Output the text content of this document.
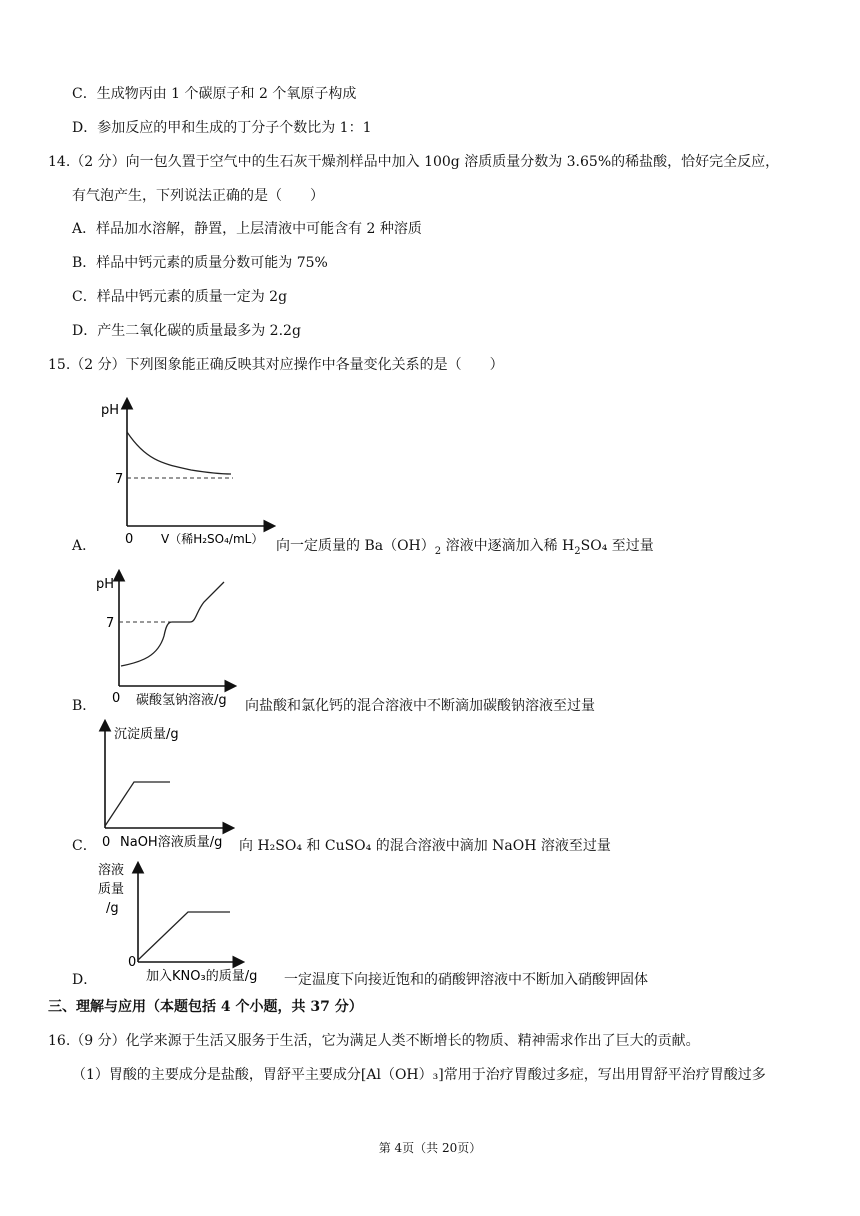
C．生成物丙由 1 个碳原子和 2 个氧原子构成
D．参加反应的甲和生成的丁分子个数比为 1：1
14.（2 分）向一包久置于空气中的生石灰干燥剂样品中加入 100g 溶质质量分数为 3.65%的稀盐酸，恰好完全反应，
有气泡产生，下列说法正确的是（　　）
A．样品加水溶解，静置，上层清液中可能含有 2 种溶质
B．样品中钙元素的质量分数可能为 75%
C．样品中钙元素的质量一定为 2g
D．产生二氧化碳的质量最多为 2.2g
15.（2 分）下列图象能正确反映其对应操作中各量变化关系的是（　　）
A．
pH
7
0 V（稀H₂SO₄/mL） 向一定质量的 $Ba(OH)_2$ 溶液中逐滴加入稀 $H_2SO_4$ 至过量
B．
pH
7
0 碳酸氢钠溶液/g 向盐酸和氯化钙的混合溶液中不断滴加碳酸钠溶液至过量
C．
沉淀质量/g
0 NaOH溶液质量/g 向 H₂SO₄ 和 CuSO₄ 的混合溶液中滴加 NaOH 溶液至过量
D．
溶液
质量
/g
0
加入KNO₃的质量/g 一定温度下向接近饱和的硝酸钾溶液中不断加入硝酸钾固体
三、理解与应用（本题包括 4 个小题，共 37 分）
16.（9 分）化学来源于生活又服务于生活，它为满足人类不断增长的物质、精神需求作出了巨大的贡献。
（1）胃酸的主要成分是盐酸，胃舒平主要成分[Al（OH）₃]常用于治疗胃酸过多症，写出用胃舒平治疗胃酸过多
第 4页（共 20页）
